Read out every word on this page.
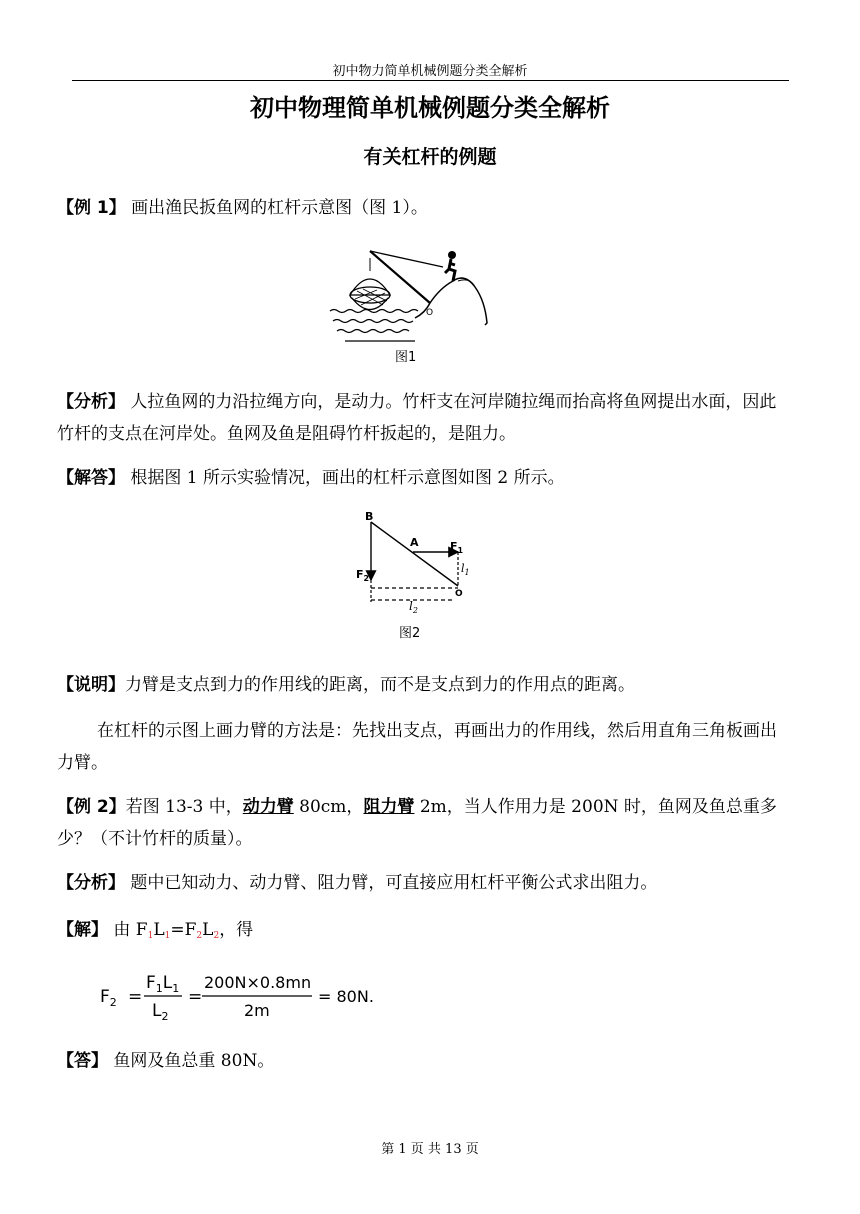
初中物力简单机械例题分类全解析
初中物理简单机械例题分类全解析
有关杠杆的例题
【例 1】 画出渔民扳鱼网的杠杆示意图（图 1）。
O
图1
【分析】 人拉鱼网的力沿拉绳方向，是动力。竹杆支在河岸随拉绳而抬高将鱼网提出水面，因此竹杆的支点在河岸处。鱼网及鱼是阻碍竹杆扳起的，是阻力。
【解答】 根据图 1 所示实验情况，画出的杠杆示意图如图 2 所示。
B
A	$F_1$
$F_2$
$l_1$
$l_2$
O
图2
【说明】力臂是支点到力的作用线的距离，而不是支点到力的作用点的距离。
在杠杆的示图上画力臂的方法是：先找出支点，再画出力的作用线，然后用直角三角板画出力臂。
【例 2】若图 13-3 中，动力臂 80cm，阻力臂 2m，当人作用力是 200N 时，鱼网及鱼总重多少？（不计竹杆的质量）。
【分析】 题中已知动力、动力臂、阻力臂，可直接应用杠杆平衡公式求出阻力。
【解】 由 $F_1L_1=F_2L_2$，得
$F_2$ =
$F_1L_1$
$L_2$
=
200N×0.8mn
2m
= 80N.
【答】 鱼网及鱼总重 80N。
第 1 页 共 13 页
